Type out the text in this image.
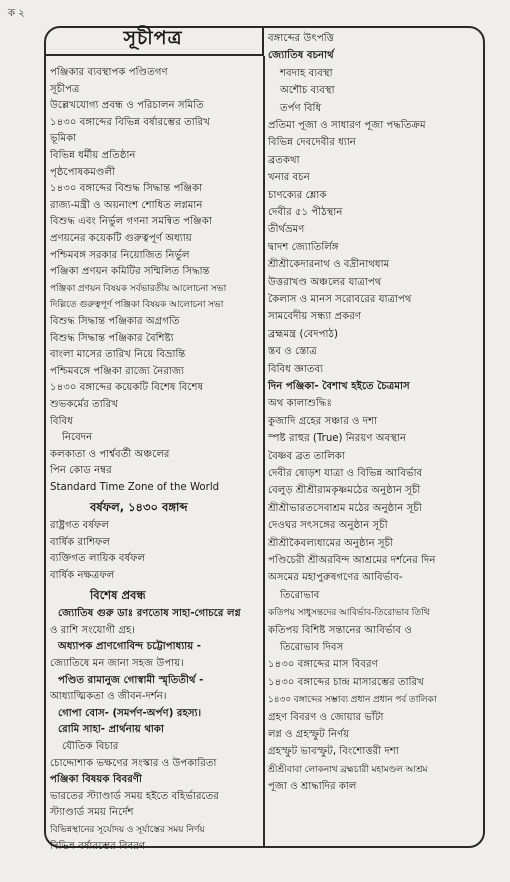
ক ২
সূচীপত্র
পঞ্জিকার ব্যবস্থাপক পণ্ডিতগণ
সূচীপত্র
উল্লেখযোগ্য প্রবন্ধ ও পরিচালন সমিতি
১৪৩০ বঙ্গাব্দের বিভিন্ন বর্ষারম্ভের তারিখ
ভূমিকা
বিভিন্ন ধর্মীয় প্রতিষ্ঠান
পৃষ্ঠপোষকমণ্ডলী
১৪৩০ বঙ্গাব্দের বিশুদ্ধ সিদ্ধান্ত পঞ্জিকা
রাজ্য-মন্ত্রী ও অয়নাংশ শোধিত লগ্নমান
বিশুদ্ধ এবং নির্ভুল গণনা সমন্বিত পঞ্জিকা
প্রণয়নের কয়েকটি গুরুত্বপূর্ণ অধ্যায়
পশ্চিমবঙ্গ সরকার নিয়োজিত নির্ভুল
পঞ্জিকা প্রণয়ন কমিটির সম্মিলিত সিদ্ধান্ত
পঞ্জিকা প্রণয়ন বিষয়ক সর্বভারতীয় আলোচনা সভা
দিল্লিতে গুরুত্বপূর্ণ পঞ্জিকা বিষয়ক আলোচনা সভা
বিশুদ্ধ সিদ্ধান্ত পঞ্জিকার অগ্রগতি
বিশুদ্ধ সিদ্ধান্ত পঞ্জিকার বৈশিষ্ট্য
বাংলা মাসের তারিখ নিয়ে বিভ্রান্তি
পশ্চিমবঙ্গে পঞ্জিকা রাজ্যে নৈরাজ্য
১৪৩০ বঙ্গাব্দের কয়েকটি বিশেষ বিশেষ
শুভকর্মের তারিখ
বিবিধ
নিবেদন
কলকাতা ও পার্শ্ববর্তী অঞ্চলের
পিন কোড নম্বর
Standard Time Zone of the World
বর্ষফল, ১৪৩০ বঙ্গাব্দ
রাষ্ট্রগত বর্ষফল
বার্ষিক রাশিফল
ব্যক্তিগত লায়িক বর্ষফল
বার্ষিক নক্ষত্রফল
বিশেষ প্রবন্ধ
জ্যোতিষ গুরু ডাঃ রণতোষ সাহা-গোচরে লগ্ন
ও রাশি সংযোগী গ্রহ।
অধ্যাপক প্রাণগোবিন্দ চট্টোপাধ্যায় -
জ্যোতিষে মন জানা সহজ উপায়।
পণ্ডিত রামানুজ গোস্বামী স্মৃতিতীর্থ -
আধ্যাত্মিকতা ও জীবন-দর্শন।
গোপা বোস- (সমর্পণ-অর্পণ) রহস্য।
রোমি সাহা- প্রার্থনায় থাকা
যৌতিক বিচার
চোদ্দোশাক ভক্ষণের সংস্কার ও উপকারিতা
পঞ্জিকা বিষয়ক বিবরণী
ভারতের স্ট্যাণ্ডার্ড সময় হইতে বহির্ভারতের
স্ট্যাণ্ডার্ড সময় নির্দেশ
বিভিন্নস্থানের সূর্যোদয় ও সূর্যাস্তের সময় নির্ণয়
বিভিন্ন বর্ষারম্ভের বিবরণ
বঙ্গাব্দের উৎপত্তি
জ্যোতিষ বচনার্থ
শবদাহ ব্যবস্থা
অশৌচ ব্যবস্থা
তর্পণ বিধি
প্রতিমা পূজা ও সাধারণ পূজা পদ্ধতিক্রম
বিভিন্ন দেবদেবীর ধ্যান
ব্রতকথা
খনার বচন
চাণক্যের শ্লোক
দেবীর ৫১ পীঠস্থান
তীর্থভ্রমণ
দ্বাদশ জ্যোতির্লিঙ্গ
শ্রীশ্রীকেদারনাথ ও বদ্রীনাথধাম
উত্তরাখণ্ড অঞ্চলের যাত্রাপথ
কৈলাস ও মানস সরোবরের যাত্রাপথ
সামবেদীয় সন্ধ্যা প্রকরণ
ব্রহ্মমন্ত্র (বেদপাঠ)
স্তব ও স্তোত্র
বিবিধ জ্ঞাতব্য
দিন পঞ্জিকা- বৈশাখ হইতে চৈত্রমাস
অথ কালাশুদ্ধিঃ
কুজাদি গ্রহের সঞ্চার ও দশা
স্পষ্ট রাহুর (True) নিরয়ণ অবস্থান
বৈষ্ণব ব্রত তালিকা
দেবীর ষোড়শ যাত্রা ও বিভিন্ন আবির্ভাব
বেলুড় শ্রীশ্রীরামকৃষ্ণমঠের অনুষ্ঠান সূচী
শ্রীশ্রীভারতসেবাশ্রম মঠের অনুষ্ঠান সূচী
দেওঘর সৎসঙ্গের অনুষ্ঠান সূচী
শ্রীশ্রীকৈবল্যধামের অনুষ্ঠান সূচী
পণ্ডিচেরী শ্রীঅরবিন্দ আশ্রমের দর্শনের দিন
অসমের মহাপুরুষগণের আবির্ভাব-
তিরোভাব
কতিপয় সাধুসন্তদের আবির্ভাব-তিরোভাব তিথি
কতিপয় বিশিষ্ট সন্তানের আবির্ভাব ও
তিরোভাব দিবস
১৪৩০ বঙ্গাব্দের মাস বিবরণ
১৪৩০ বঙ্গাব্দের চান্দ্র মাসারম্ভের তারিখ
১৪৩০ বঙ্গাব্দের সম্ভাব্য প্রধান প্রধান পর্ব তালিকা
গ্রহণ বিবরণ ও জোয়ার ভাঁটা
লগ্ন ও গ্রহস্ফুট নির্ণয়
গ্রহস্ফুট ভাবস্ফুট, বিংশোত্তরী দশা
শ্রীশ্রীবাবা লোকনাথ ব্রহ্মচারী মহামণ্ডল আশ্রম
পূজা ও শ্রাদ্ধাদির কাল
